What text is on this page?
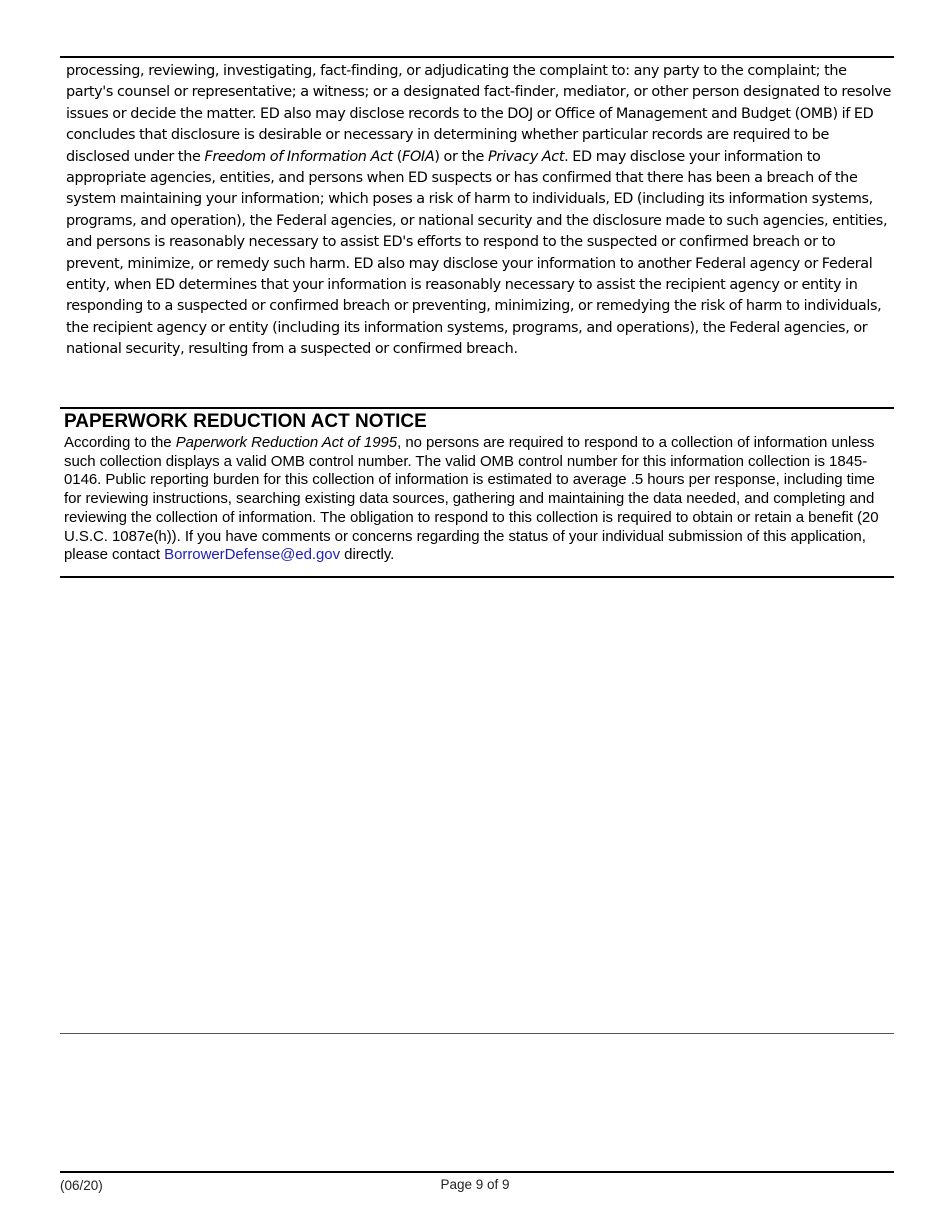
processing, reviewing, investigating, fact-finding, or adjudicating the complaint to: any party to the complaint; the party's counsel or representative; a witness; or a designated fact-finder, mediator, or other person designated to resolve issues or decide the matter. ED also may disclose records to the DOJ or Office of Management and Budget (OMB) if ED concludes that disclosure is desirable or necessary in determining whether particular records are required to be disclosed under the Freedom of Information Act (FOIA) or the Privacy Act. ED may disclose your information to appropriate agencies, entities, and persons when ED suspects or has confirmed that there has been a breach of the system maintaining your information; which poses a risk of harm to individuals, ED (including its information systems, programs, and operation), the Federal agencies, or national security and the disclosure made to such agencies, entities, and persons is reasonably necessary to assist ED's efforts to respond to the suspected or confirmed breach or to prevent, minimize, or remedy such harm. ED also may disclose your information to another Federal agency or Federal entity, when ED determines that your information is reasonably necessary to assist the recipient agency or entity in responding to a suspected or confirmed breach or preventing, minimizing, or remedying the risk of harm to individuals, the recipient agency or entity (including its information systems, programs, and operations), the Federal agencies, or national security, resulting from a suspected or confirmed breach.

PAPERWORK REDUCTION ACT NOTICE

According to the Paperwork Reduction Act of 1995, no persons are required to respond to a collection of information unless such collection displays a valid OMB control number. The valid OMB control number for this information collection is 1845-0146. Public reporting burden for this collection of information is estimated to average .5 hours per response, including time for reviewing instructions, searching existing data sources, gathering and maintaining the data needed, and completing and reviewing the collection of information. The obligation to respond to this collection is required to obtain or retain a benefit (20 U.S.C. 1087e(h)). If you have comments or concerns regarding the status of your individual submission of this application, please contact BorrowerDefense@ed.gov directly.

(06/20)	Page 9 of 9
